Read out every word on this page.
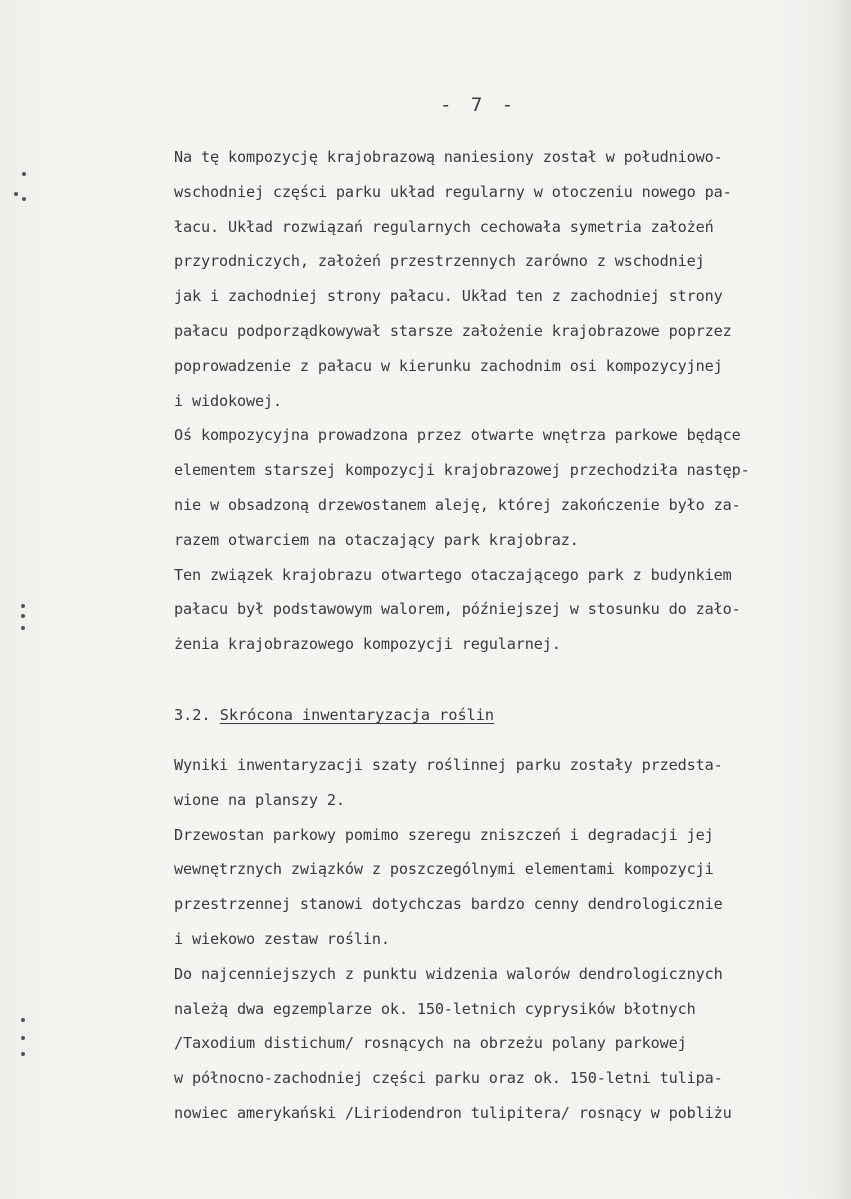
- 7 -
Na tę kompozycję krajobrazową naniesiony został w południowo-
wschodniej części parku układ regularny w otoczeniu nowego pa-
łacu. Układ rozwiązań regularnych cechowała symetria założeń
przyrodniczych, założeń przestrzennych zarówno z wschodniej
jak i zachodniej strony pałacu. Układ ten z zachodniej strony
pałacu podporządkowywał starsze założenie krajobrazowe poprzez
poprowadzenie z pałacu w kierunku zachodnim osi kompozycyjnej
i widokowej.
Oś kompozycyjna prowadzona przez otwarte wnętrza parkowe będące
elementem starszej kompozycji krajobrazowej przechodziła następ-
nie w obsadzoną drzewostanem aleję, której zakończenie było za-
razem otwarciem na otaczający park krajobraz.
Ten związek krajobrazu otwartego otaczającego park z budynkiem
pałacu był podstawowym walorem, późniejszej w stosunku do zało-
żenia krajobrazowego kompozycji regularnej.
3.2. Skrócona inwentaryzacja roślin
Wyniki inwentaryzacji szaty roślinnej parku zostały przedsta-
wione na planszy 2.
Drzewostan parkowy pomimo szeregu zniszczeń i degradacji jej
wewnętrznych związków z poszczególnymi elementami kompozycji
przestrzennej stanowi dotychczas bardzo cenny dendrologicznie
i wiekowo zestaw roślin.
Do najcenniejszych z punktu widzenia walorów dendrologicznych
należą dwa egzemplarze ok. 150-letnich cyprysików błotnych
/Taxodium distichum/ rosnących na obrzeżu polany parkowej
w północno-zachodniej części parku oraz ok. 150-letni tulipa-
nowiec amerykański /Liriodendron tulipitera/ rosnący w pobliżu
